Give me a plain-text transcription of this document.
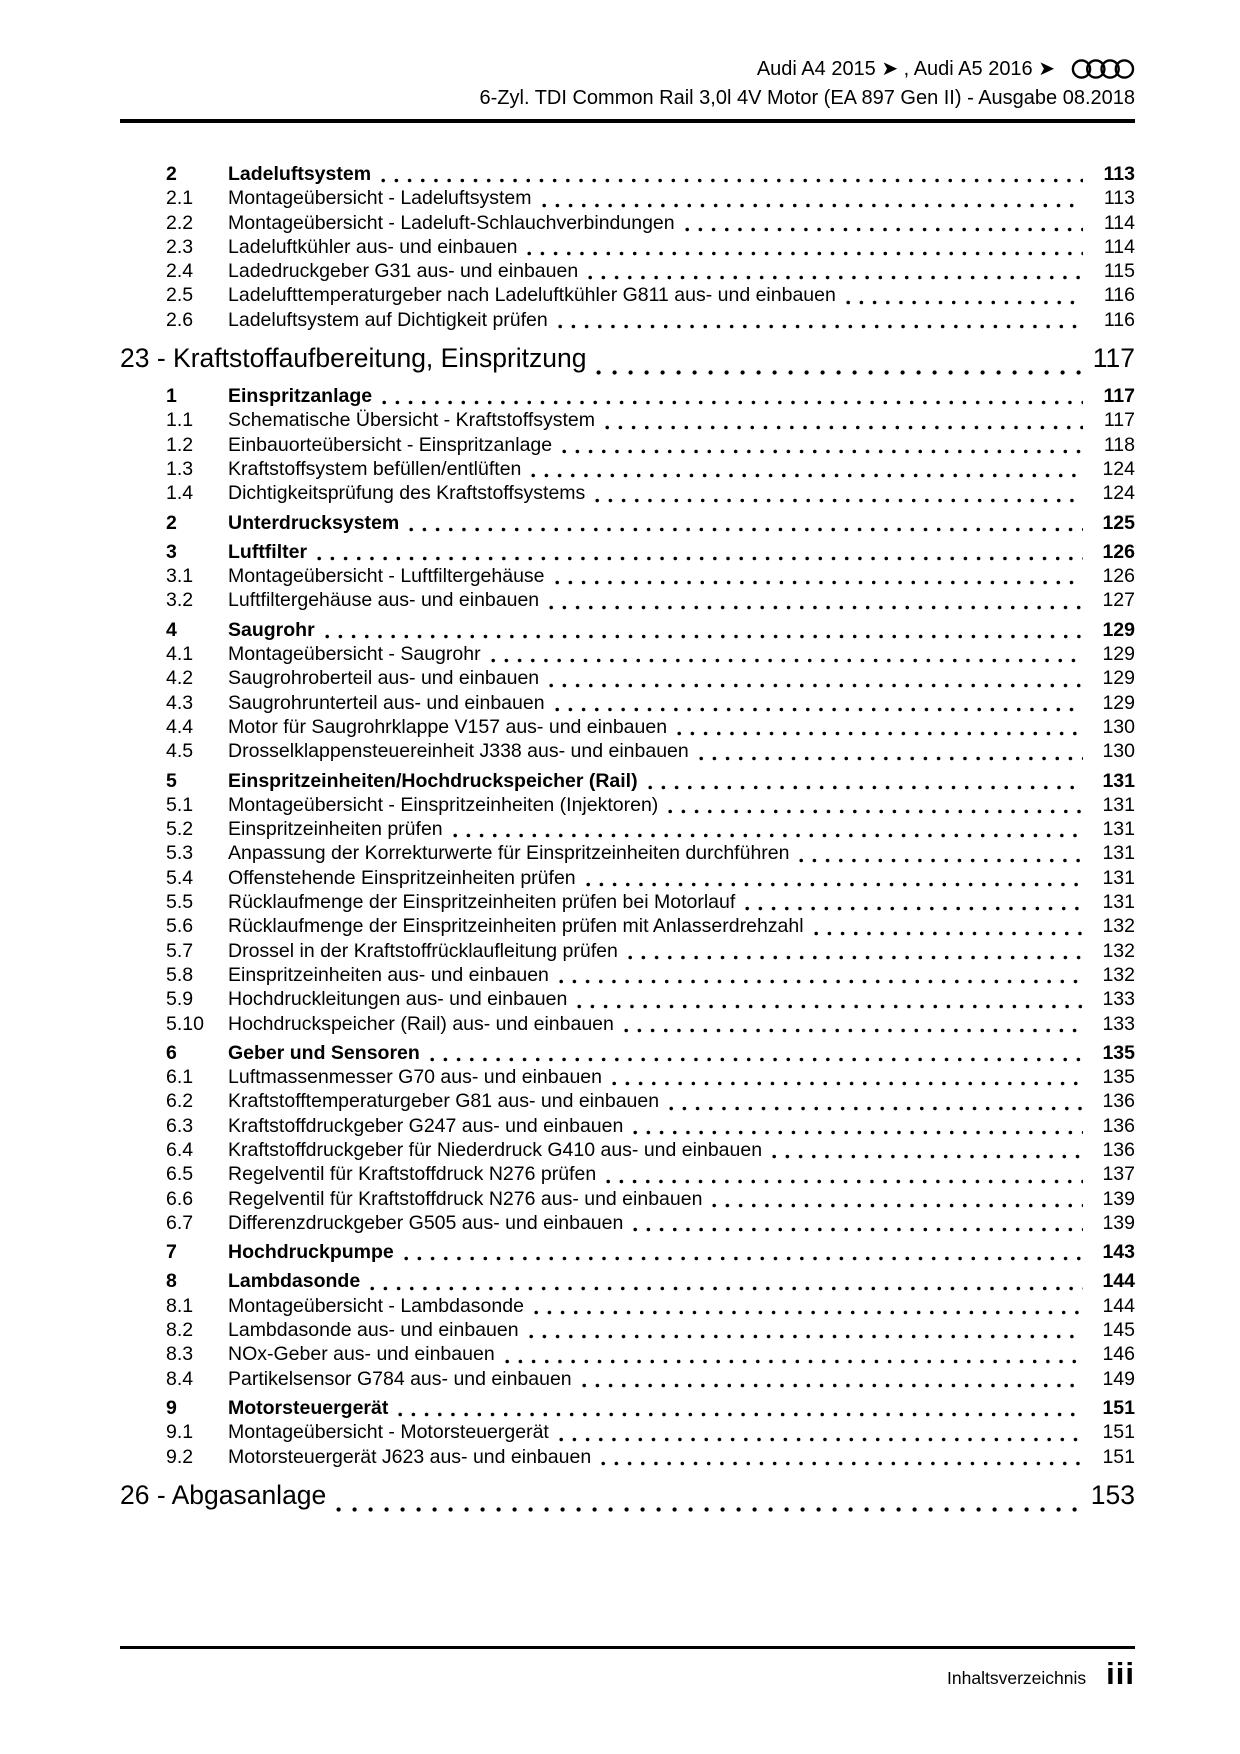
Audi A4 2015 ➤ , Audi A5 2016 ➤
6-Zyl. TDI Common Rail 3,0l 4V Motor (EA 897 Gen II) - Ausgabe 08.2018
2	Ladeluftsystem	113
2.1	Montageübersicht - Ladeluftsystem	113
2.2	Montageübersicht - Ladeluft-Schlauchverbindungen	114
2.3	Ladeluftkühler aus- und einbauen	114
2.4	Ladedruckgeber G31 aus- und einbauen	115
2.5	Ladelufttemperaturgeber nach Ladeluftkühler G811 aus- und einbauen	116
2.6	Ladeluftsystem auf Dichtigkeit prüfen	116
23 - Kraftstoffaufbereitung, Einspritzung	117
1	Einspritzanlage	117
1.1	Schematische Übersicht - Kraftstoffsystem	117
1.2	Einbauorteübersicht - Einspritzanlage	118
1.3	Kraftstoffsystem befüllen/entlüften	124
1.4	Dichtigkeitsprüfung des Kraftstoffsystems	124
2	Unterdrucksystem	125
3	Luftfilter	126
3.1	Montageübersicht - Luftfiltergehäuse	126
3.2	Luftfiltergehäuse aus- und einbauen	127
4	Saugrohr	129
4.1	Montageübersicht - Saugrohr	129
4.2	Saugrohroberteil aus- und einbauen	129
4.3	Saugrohrunterteil aus- und einbauen	129
4.4	Motor für Saugrohrklappe V157 aus- und einbauen	130
4.5	Drosselklappensteuereinheit J338 aus- und einbauen	130
5	Einspritzeinheiten/Hochdruckspeicher (Rail)	131
5.1	Montageübersicht - Einspritzeinheiten (Injektoren)	131
5.2	Einspritzeinheiten prüfen	131
5.3	Anpassung der Korrekturwerte für Einspritzeinheiten durchführen	131
5.4	Offenstehende Einspritzeinheiten prüfen	131
5.5	Rücklaufmenge der Einspritzeinheiten prüfen bei Motorlauf	131
5.6	Rücklaufmenge der Einspritzeinheiten prüfen mit Anlasserdrehzahl	132
5.7	Drossel in der Kraftstoffrücklaufleitung prüfen	132
5.8	Einspritzeinheiten aus- und einbauen	132
5.9	Hochdruckleitungen aus- und einbauen	133
5.10	Hochdruckspeicher (Rail) aus- und einbauen	133
6	Geber und Sensoren	135
6.1	Luftmassenmesser G70 aus- und einbauen	135
6.2	Kraftstofftemperaturgeber G81 aus- und einbauen	136
6.3	Kraftstoffdruckgeber G247 aus- und einbauen	136
6.4	Kraftstoffdruckgeber für Niederdruck G410 aus- und einbauen	136
6.5	Regelventil für Kraftstoffdruck N276 prüfen	137
6.6	Regelventil für Kraftstoffdruck N276 aus- und einbauen	139
6.7	Differenzdruckgeber G505 aus- und einbauen	139
7	Hochdruckpumpe	143
8	Lambdasonde	144
8.1	Montageübersicht - Lambdasonde	144
8.2	Lambdasonde aus- und einbauen	145
8.3	NOx-Geber aus- und einbauen	146
8.4	Partikelsensor G784 aus- und einbauen	149
9	Motorsteuergerät	151
9.1	Montageübersicht - Motorsteuergerät	151
9.2	Motorsteuergerät J623 aus- und einbauen	151
26 - Abgasanlage	153
Inhaltsverzeichnis iii
